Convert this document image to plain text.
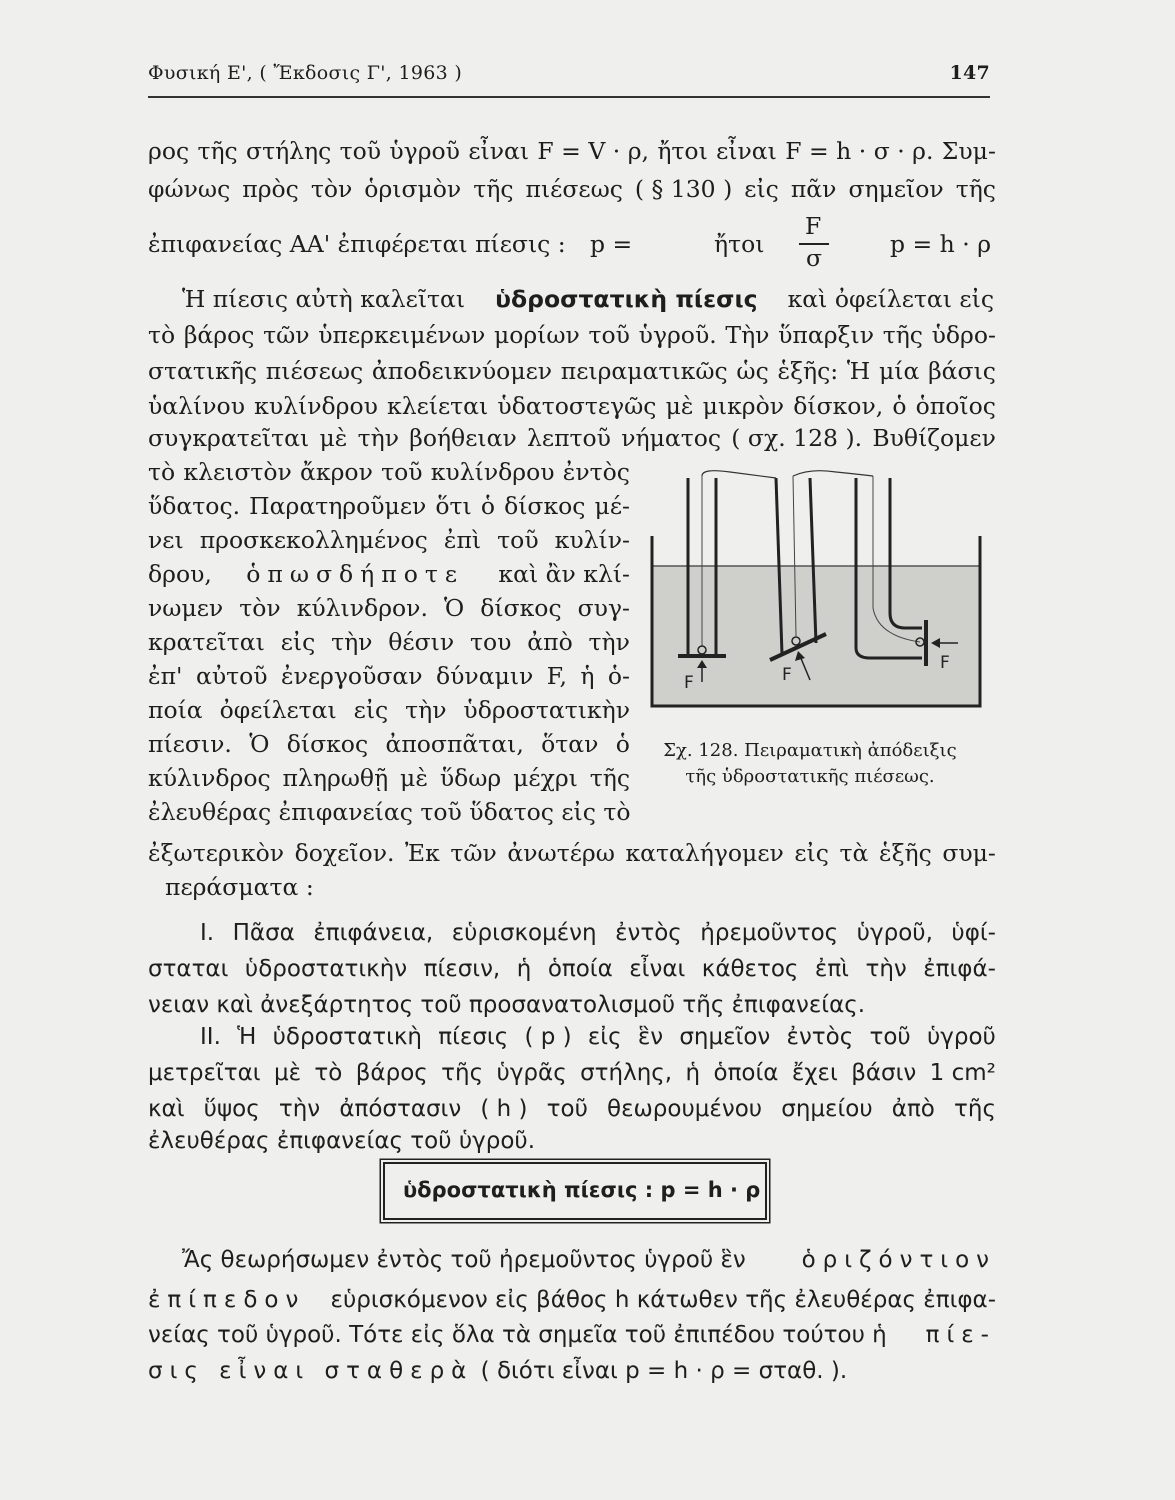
Φυσική Ε', ( Ἔκδοσις Γ', 1963 )	147
ρος τῆς στήλης τοῦ ὑγροῦ εἶναι F = V · ρ, ἤτοι εἶναι F = h · σ · ρ. Συμ-
φώνως πρὸς τὸν ὁρισμὸν τῆς πιέσεως ( § 130 ) εἰς πᾶν σημεῖον τῆς
ἐπιφανείας ΑΑ' ἐπιφέρεται πίεσις : p =
F
σ
ἤτοι	p = h · ρ
Ἡ πίεσις αὐτὴ καλεῖται ὑδροστατικὴ πίεσις καὶ ὀφείλεται εἰς
τὸ βάρος τῶν ὑπερκειμένων μορίων τοῦ ὑγροῦ. Τὴν ὕπαρξιν τῆς ὑδρο-
στατικῆς πιέσεως ἀποδεικνύομεν πειραματικῶς ὡς ἑξῆς: Ἡ μία βάσις
ὑαλίνου κυλίνδρου κλείεται ὑδατοστεγῶς μὲ μικρὸν δίσκον, ὁ ὁποῖος
συγκρατεῖται μὲ τὴν βοήθειαν λεπτοῦ νήματος ( σχ. 128 ). Βυθίζομεν
τὸ κλειστὸν ἄκρον τοῦ κυλίνδρου ἐντὸς
ὕδατος. Παρατηροῦμεν ὅτι ὁ δίσκος μέ-
νει προσκεκολλημένος ἐπὶ τοῦ κυλίν-
δρου, ὁπωσδήποτε καὶ ἂν κλί-
νωμεν τὸν κύλινδρον. Ὁ δίσκος συγ-
κρατεῖται εἰς τὴν θέσιν του ἀπὸ τὴν
ἐπ' αὐτοῦ ἐνεργοῦσαν δύναμιν F, ἡ ὁ-
ποία ὀφείλεται εἰς τὴν ὑδροστατικὴν
πίεσιν. Ὁ δίσκος ἀποσπᾶται, ὅταν ὁ
κύλινδρος πληρωθῇ μὲ ὕδωρ μέχρι τῆς
ἐλευθέρας ἐπιφανείας τοῦ ὕδατος εἰς τὸ
ἐξωτερικὸν δοχεῖον. Ἐκ τῶν ἀνωτέρω καταλήγομεν εἰς τὰ ἑξῆς συμ-
περάσματα :
F	F
F
Σχ. 128. Πειραματικὴ ἀπόδειξις
τῆς ὑδροστατικῆς πιέσεως.
I. Πᾶσα ἐπιφάνεια, εὑρισκομένη ἐντὸς ἠρεμοῦντος ὑγροῦ, ὑφί-
σταται ὑδροστατικὴν πίεσιν, ἡ ὁποία εἶναι κάθετος ἐπὶ τὴν ἐπιφά-
νειαν καὶ ἀνεξάρτητος τοῦ προσανατολισμοῦ τῆς ἐπιφανείας.
II. Ἡ ὑδροστατικὴ πίεσις ( p ) εἰς ἓν σημεῖον ἐντὸς τοῦ ὑγροῦ
μετρεῖται μὲ τὸ βάρος τῆς ὑγρᾶς στήλης, ἡ ὁποία ἔχει βάσιν 1 cm²
καὶ ὕψος τὴν ἀπόστασιν ( h ) τοῦ θεωρουμένου σημείου ἀπὸ τῆς
ἐλευθέρας ἐπιφανείας τοῦ ὑγροῦ.
ὑδροστατικὴ πίεσις : p = h · ρ
Ἄς θεωρήσωμεν ἐντὸς τοῦ ἠρεμοῦντος ὑγροῦ ἓν ὁριζόντιον
ἐπίπεδον εὑρισκόμενον εἰς βάθος h κάτωθεν τῆς ἐλευθέρας ἐπιφα-
νείας τοῦ ὑγροῦ. Τότε εἰς ὅλα τὰ σημεῖα τοῦ ἐπιπέδου τούτου ἡ πίε-
σις εἶναι σταθερὰ ( διότι εἶναι p = h · ρ = σταθ. ).
